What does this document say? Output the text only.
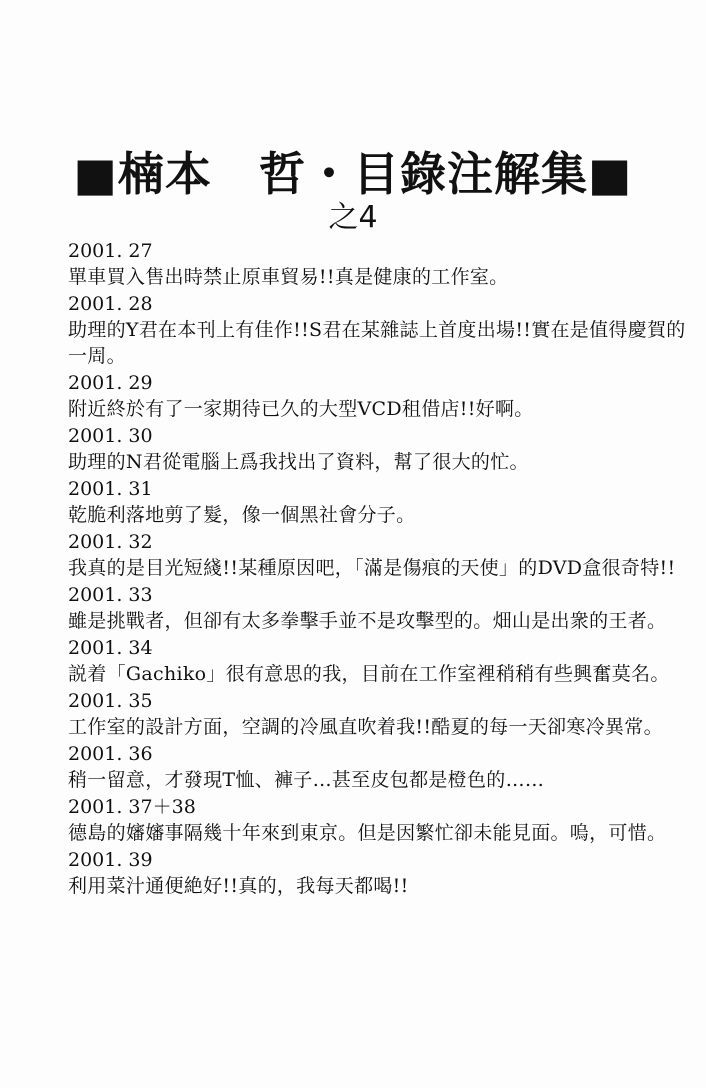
■楠本　哲・目錄注解集■
之4
2001. 27
單車買入售出時禁止原車貿易!!真是健康的工作室。
2001. 28
助理的Y君在本刊上有佳作!!S君在某雜誌上首度出場!!實在是值得慶賀的一周。
2001. 29
附近終於有了一家期待已久的大型VCD租借店!!好啊。
2001. 30
助理的N君從電腦上爲我找出了資料，幫了很大的忙。
2001. 31
乾脆利落地剪了髮，像一個黑社會分子。
2001. 32
我真的是目光短綫!!某種原因吧，「滿是傷痕的天使」的DVD盒很奇特!!
2001. 33
雖是挑戰者，但卻有太多拳擊手並不是攻擊型的。畑山是出衆的王者。
2001. 34
説着「Gachiko」很有意思的我，目前在工作室裡稍稍有些興奮莫名。
2001. 35
工作室的設計方面，空調的冷風直吹着我!!酷夏的每一天卻寒冷異常。
2001. 36
稍一留意，才發現T恤、褲子…甚至皮包都是橙色的……
2001. 37＋38
德島的嬸嬸事隔幾十年來到東京。但是因繁忙卻未能見面。嗚，可惜。
2001. 39
利用菜汁通便絶好!!真的，我每天都喝!!
